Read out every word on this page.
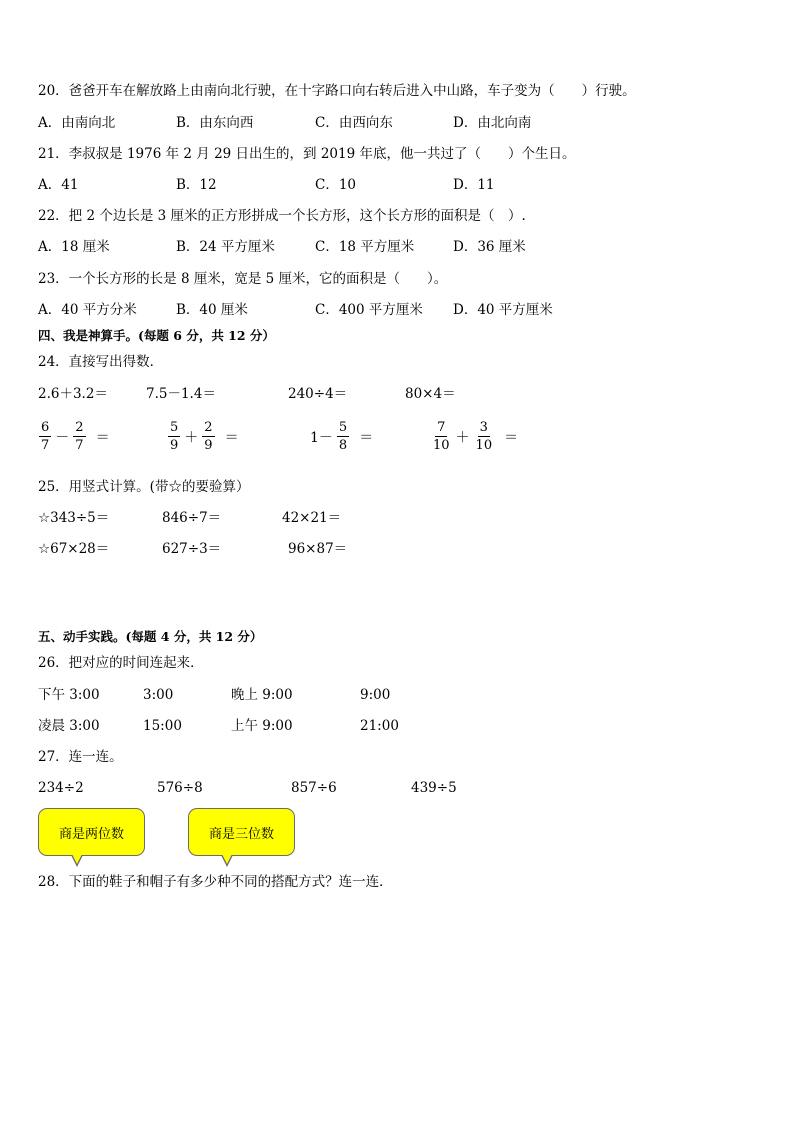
20．爸爸开车在解放路上由南向北行驶，在十字路口向右转后进入中山路，车子变为（　　）行驶。
A．由南向北	B．由东向西	C．由西向东	D．由北向南
21．李叔叔是 1976 年 2 月 29 日出生的，到 2019 年底，他一共过了（　　）个生日。
A．41	B．12	C．10	D．11
22．把 2 个边长是 3 厘米的正方形拼成一个长方形，这个长方形的面积是（　）.
A．18 厘米	B．24 平方厘米	C．18 平方厘米	D．36 厘米
23．一个长方形的长是 8 厘米，宽是 5 厘米，它的面积是（　　）。
A．40 平方分米	B．40 厘米	C．400 平方厘米 D．40 平方厘米
四、我是神算手。(每题 6 分，共 12 分）
24．直接写出得数．
2.6＋3.2＝	7.5－1.4＝	240÷4＝	80×4＝
$\frac{6}{7} - \frac{2}{7}$ ＝	$\frac{5}{9} + \frac{2}{9}$ ＝	$1- \frac{5}{8}$ ＝	$\frac{7}{10} + \frac{3}{10}$ ＝
25．用竖式计算。(带☆的要验算）
☆343÷5＝	846÷7＝	42×21＝
☆67×28＝	627÷3＝	96×87＝
五、动手实践。(每题 4 分，共 12 分）
26．把对应的时间连起来．
下午 3:00	3:00	晚上 9:00	9:00
凌晨 3:00	15:00	上午 9:00	21:00
27．连一连。
234÷2	576÷8	857÷6	439÷5
商是两位数	商是三位数
28．下面的鞋子和帽子有多少种不同的搭配方式？连一连．
